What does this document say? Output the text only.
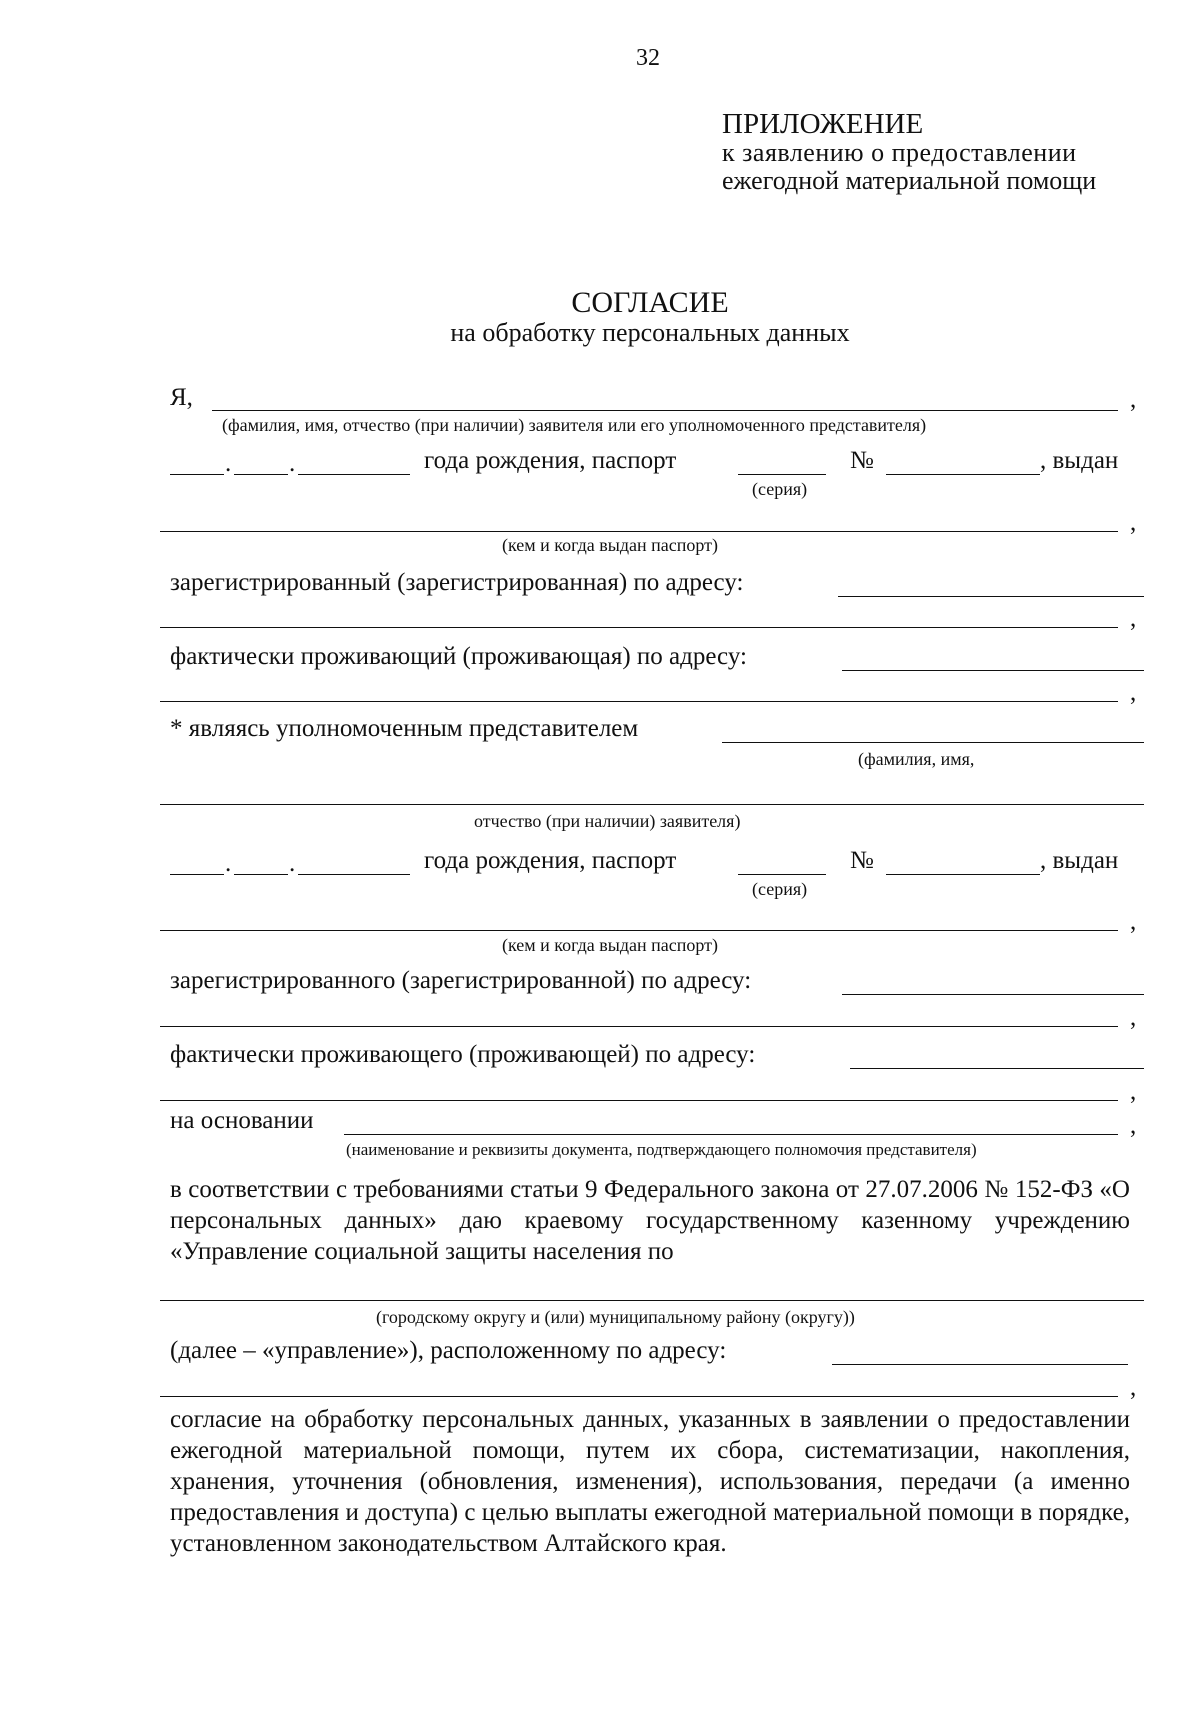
32
ПРИЛОЖЕНИЕ
к заявлению о предоставлении
ежегодной материальной помощи
СОГЛАСИЕ
на обработку персональных данных
Я,	,
(фамилия, имя, отчество (при наличии) заявителя или его уполномоченного представителя)
. .	года рождения, паспорт	№	, выдан
(серия)
,
(кем и когда выдан паспорт)
зарегистрированный (зарегистрированная) по адресу:
,
фактически проживающий (проживающая) по адресу:
,
* являясь уполномоченным представителем
(фамилия, имя,
отчество (при наличии) заявителя)
. .	года рождения, паспорт	№	, выдан
(серия)
,
(кем и когда выдан паспорт)
зарегистрированного (зарегистрированной) по адресу:
,
фактически проживающего (проживающей) по адресу:
,
на основании	,
(наименование и реквизиты документа, подтверждающего полномочия представителя)
в соответствии с требованиями статьи 9 Федерального закона от 27.07.2006 № 152-ФЗ «О персональных данных» даю краевому государственному казенному учреждению «Управление социальной защиты населения по
(городскому округу и (или) муниципальному району (округу))
(далее – «управление»), расположенному по адресу:
,
согласие на обработку персональных данных, указанных в заявлении о предоставлении ежегодной материальной помощи, путем их сбора, систематизации, накопления, хранения, уточнения (обновления, изменения), использования, передачи (а именно предоставления и доступа) с целью выплаты ежегодной материальной помощи в порядке, установленном законодательством Алтайского края.
